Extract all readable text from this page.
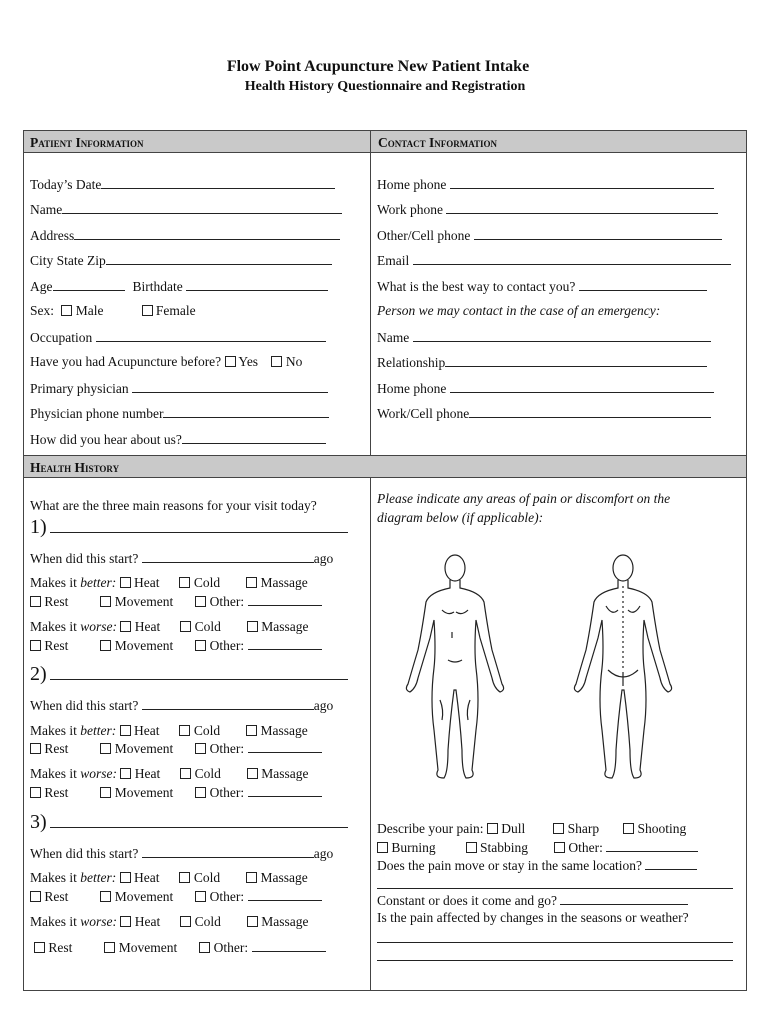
Flow Point Acupuncture New Patient Intake
Health History Questionnaire and Registration
Patient Information	Contact Information
Today’s Date
Name
Address
City State Zip
Age	Birthdate
Sex: Male	Female
Occupation
Have you had Acupuncture before? Yes No
Primary physician
Physician phone number
How did you hear about us?
Home phone
Work phone
Other/Cell phone
Email
What is the best way to contact you?
Person we may contact in the case of an emergency:
Name
Relationship
Home phone
Work/Cell phone
Health History
What are the three main reasons for your visit today?
1)
When did this start?	ago
Makes it better: Heat	Cold	Massage
Rest	Movement	Other:
Makes it worse: Heat	Cold	Massage
Rest	Movement	Other:
2)
When did this start?	ago
Makes it better: Heat	Cold	Massage
Rest	Movement	Other:
Makes it worse: Heat	Cold	Massage
Rest	Movement	Other:
3)
When did this start?	ago
Makes it better: Heat	Cold	Massage
Rest	Movement	Other:
Makes it worse: Heat	Cold	Massage
Rest	Movement	Other:
Please indicate any areas of pain or discomfort on the
diagram below (if applicable):
Describe your pain: Dull	Sharp	Shooting
Burning	Stabbing	Other:
Does the pain move or stay in the same location?
Constant or does it come and go?
Is the pain affected by changes in the seasons or weather?
